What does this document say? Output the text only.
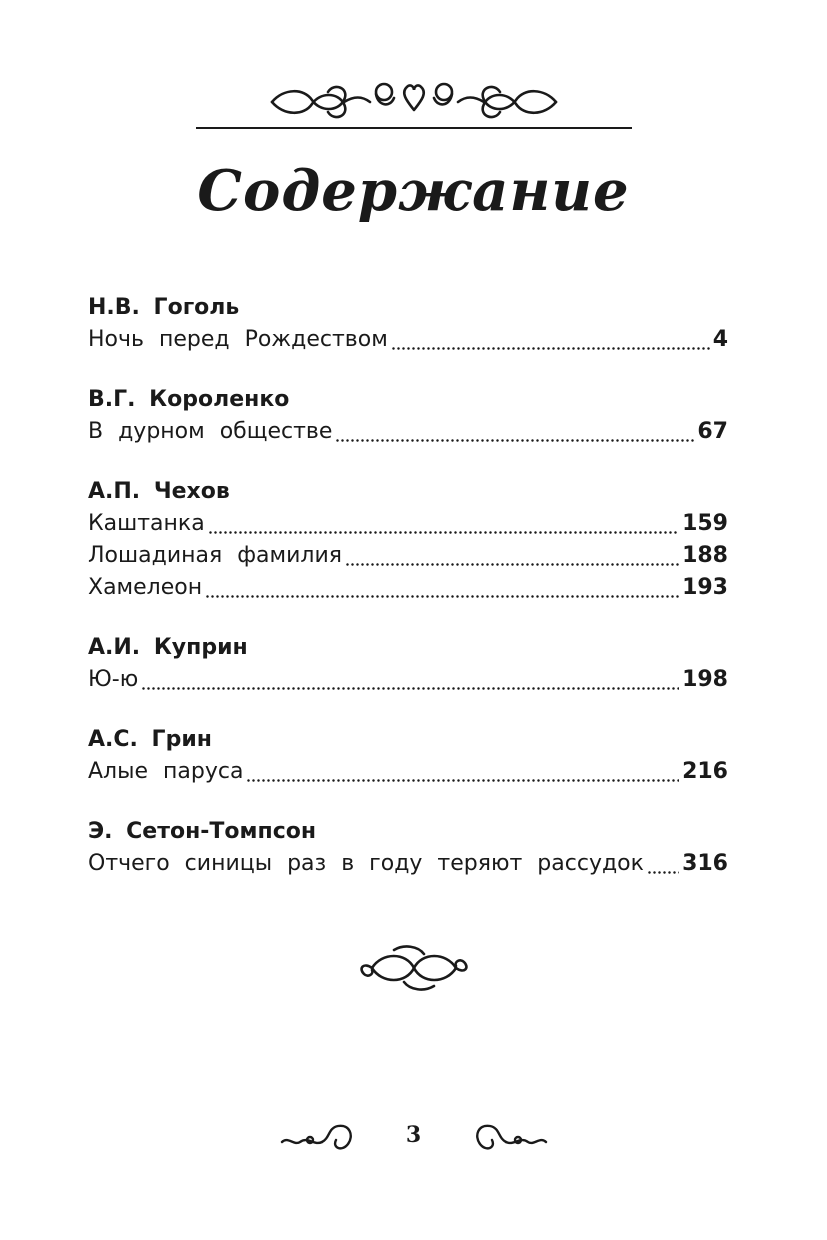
Содержание
Н.В. Гоголь
Ночь перед Рождеством	4
В.Г. Короленко
В дурном обществе	67
А.П. Чехов
Каштанка	159
Лошадиная фамилия	188
Хамелеон	193
А.И. Куприн
Ю-ю	198
А.С. Грин
Алые паруса	216
Э. Сетон-Томпсон
Отчего синицы раз в году теряют рассудок 316
3
